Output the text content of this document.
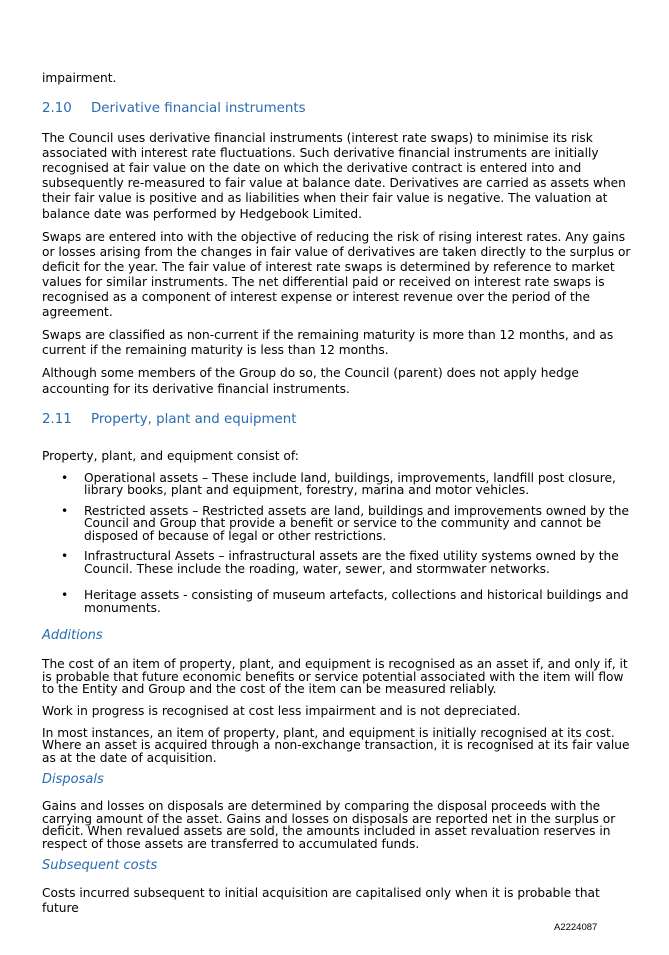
impairment.

2.10	Derivative financial instruments

The Council uses derivative financial instruments (interest rate swaps) to minimise its risk associated with interest rate fluctuations. Such derivative financial instruments are initially recognised at fair value on the date on which the derivative contract is entered into and subsequently re-measured to fair value at balance date. Derivatives are carried as assets when their fair value is positive and as liabilities when their fair value is negative. The valuation at balance date was performed by Hedgebook Limited.

Swaps are entered into with the objective of reducing the risk of rising interest rates. Any gains or losses arising from the changes in fair value of derivatives are taken directly to the surplus or deficit for the year. The fair value of interest rate swaps is determined by reference to market values for similar instruments. The net differential paid or received on interest rate swaps is recognised as a component of interest expense or interest revenue over the period of the agreement.

Swaps are classified as non-current if the remaining maturity is more than 12 months, and as current if the remaining maturity is less than 12 months.

Although some members of the Group do so, the Council (parent) does not apply hedge accounting for its derivative financial instruments.

2.11	Property, plant and equipment

Property, plant, and equipment consist of:

• Operational assets – These include land, buildings, improvements, landfill post closure, library books, plant and equipment, forestry, marina and motor vehicles.
• Restricted assets – Restricted assets are land, buildings and improvements owned by the Council and Group that provide a benefit or service to the community and cannot be disposed of because of legal or other restrictions.
• Infrastructural Assets – infrastructural assets are the fixed utility systems owned by the Council. These include the roading, water, sewer, and stormwater networks.
• Heritage assets - consisting of museum artefacts, collections and historical buildings and monuments.
Additions

The cost of an item of property, plant, and equipment is recognised as an asset if, and only if, it is probable that future economic benefits or service potential associated with the item will flow to the Entity and Group and the cost of the item can be measured reliably.

Work in progress is recognised at cost less impairment and is not depreciated.

In most instances, an item of property, plant, and equipment is initially recognised at its cost. Where an asset is acquired through a non-exchange transaction, it is recognised at its fair value as at the date of acquisition.

Disposals

Gains and losses on disposals are determined by comparing the disposal proceeds with the carrying amount of the asset. Gains and losses on disposals are reported net in the surplus or deficit. When revalued assets are sold, the amounts included in asset revaluation reserves in respect of those assets are transferred to accumulated funds.

Subsequent costs

Costs incurred subsequent to initial acquisition are capitalised only when it is probable that future

A2224087
